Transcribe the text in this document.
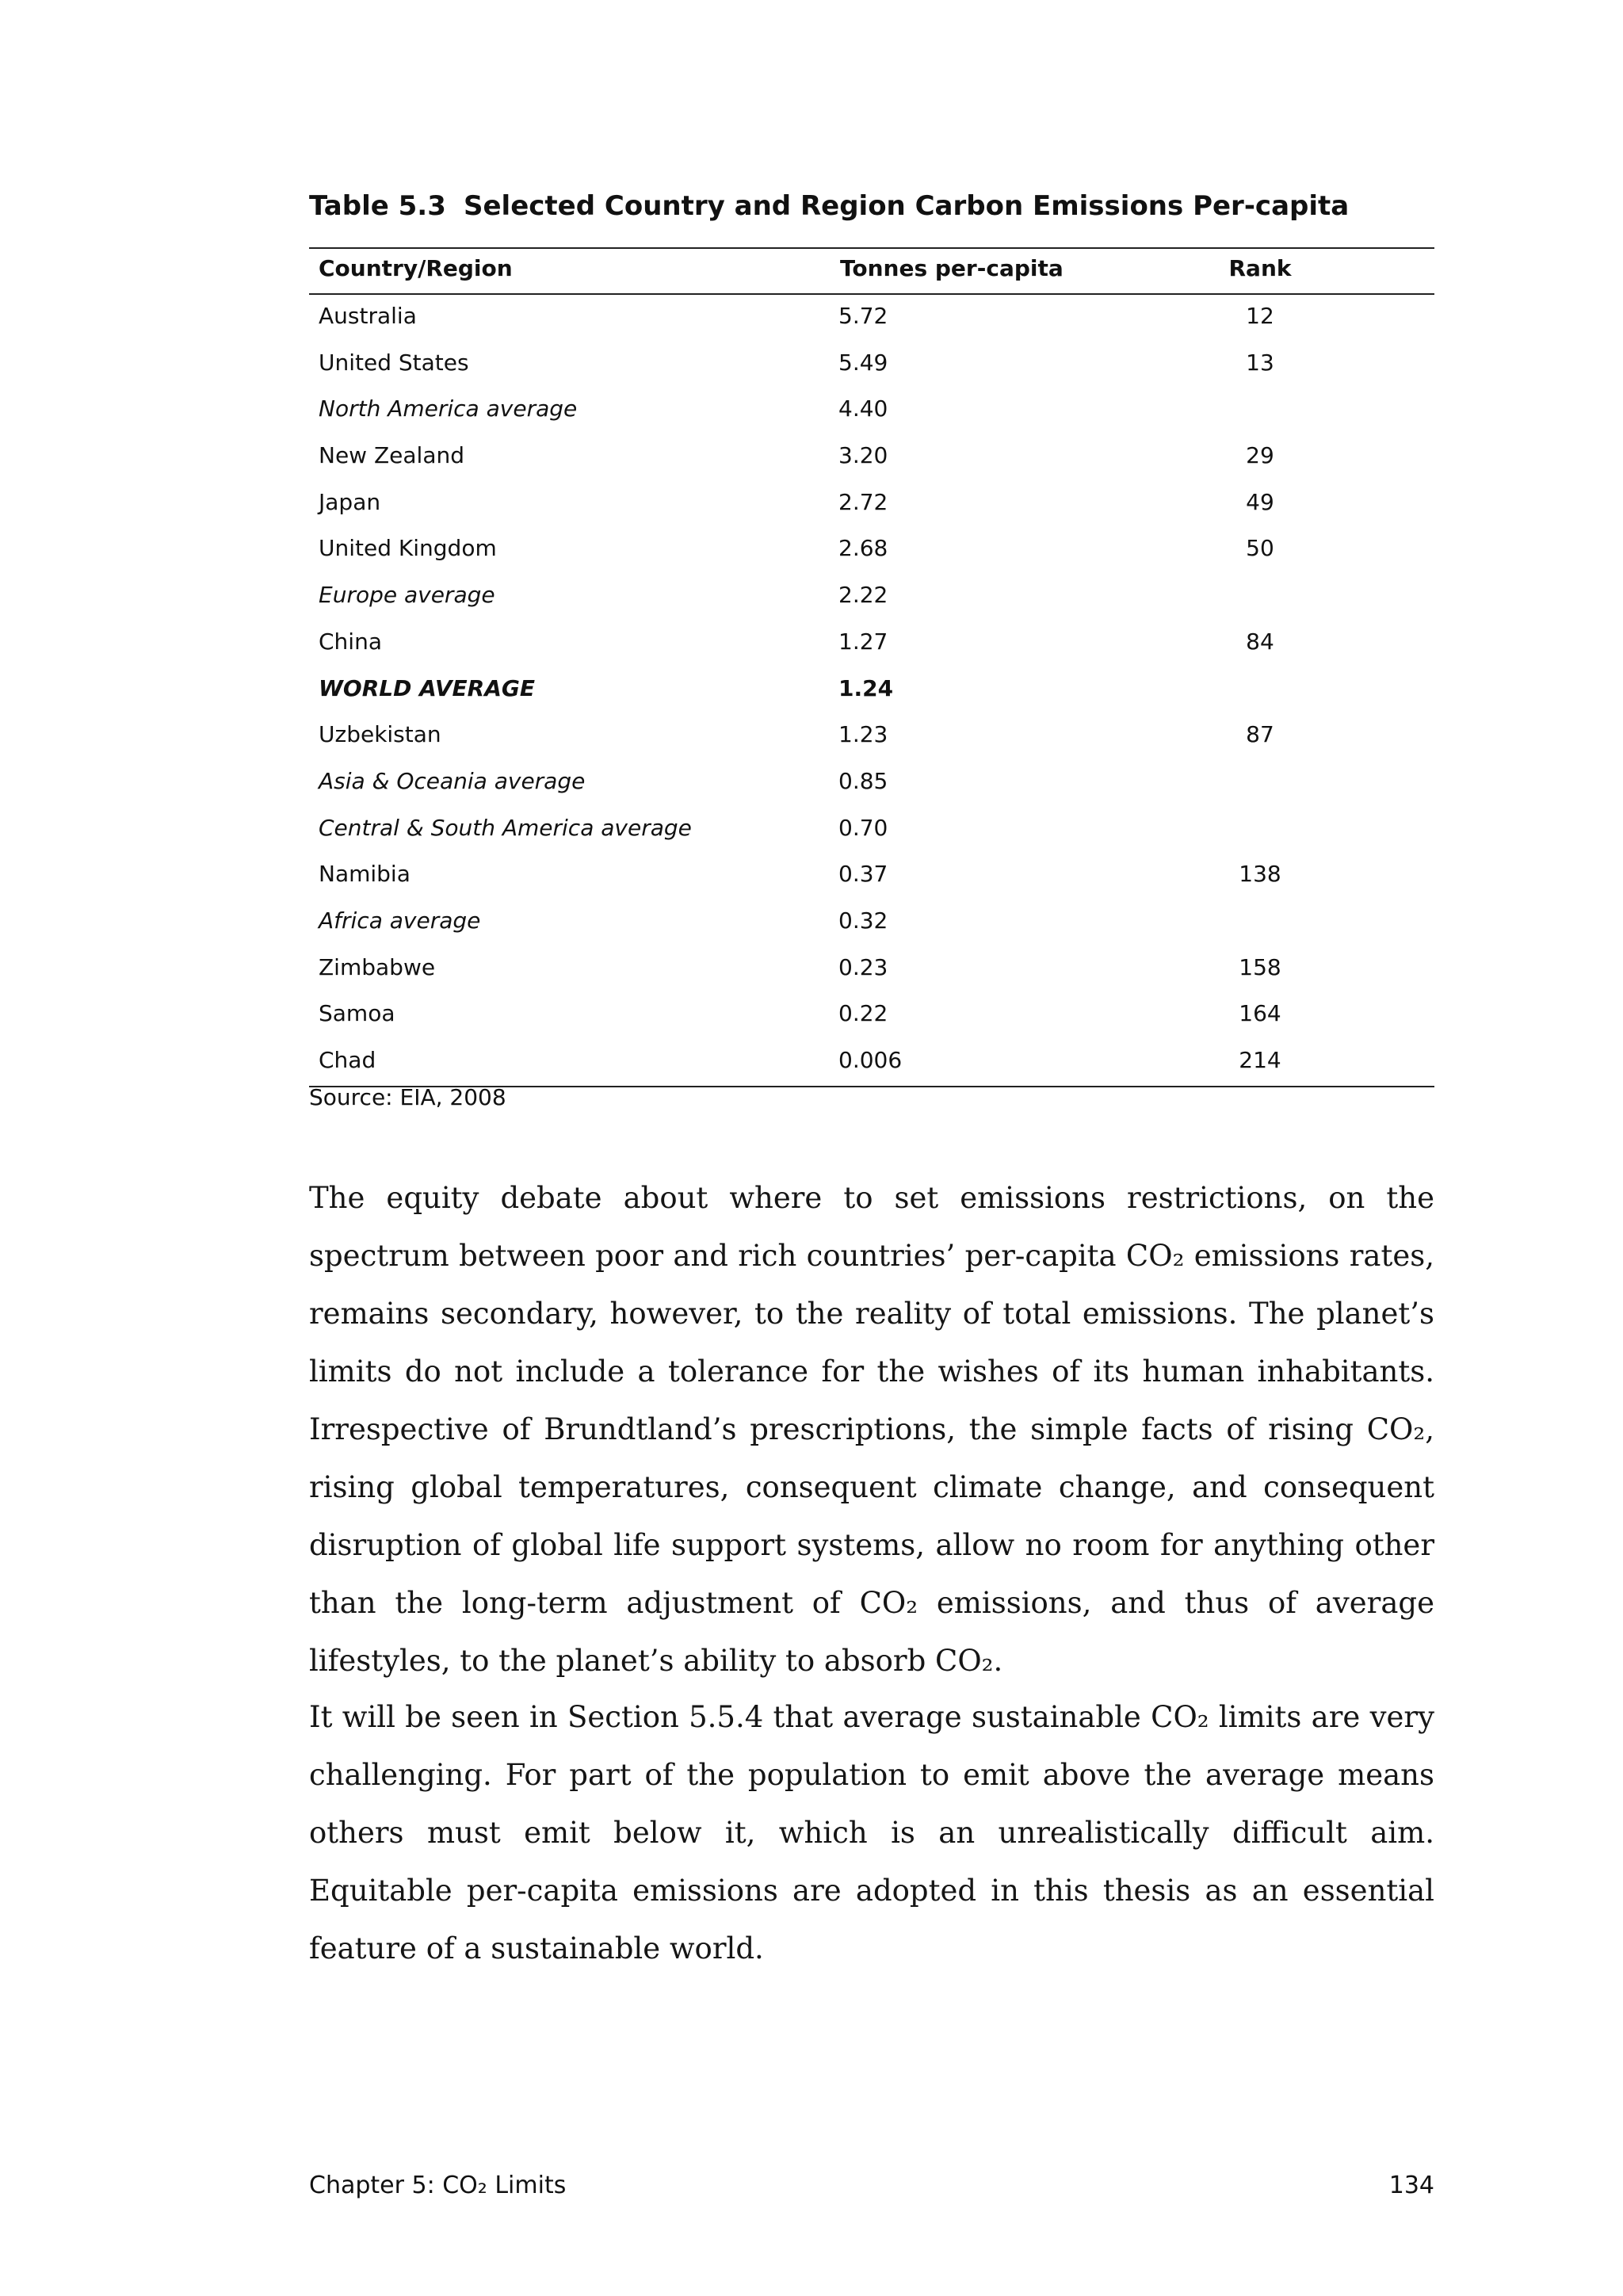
Table 5.3 Selected Country and Region Carbon Emissions Per-capita
Country/Region	Tonnes per-capita	Rank
Australia	5.72	12
United States	5.49	13
North America average	4.40
New Zealand	3.20	29
Japan	2.72	49
United Kingdom	2.68	50
Europe average	2.22
China	1.27	84
WORLD AVERAGE	1.24
Uzbekistan	1.23	87
Asia & Oceania average	0.85
Central & South America average	0.70
Namibia	0.37	138
Africa average	0.32
Zimbabwe	0.23	158
Samoa	0.22	164
Chad	0.006	214
Source: EIA, 2008
The equity debate about where to set emissions restrictions, on the spectrum between poor and rich countries’ per-capita CO₂ emissions rates, remains secondary, however, to the reality of total emissions. The planet’s limits do not include a tolerance for the wishes of its human inhabitants. Irrespective of Brundtland’s prescriptions, the simple facts of rising CO₂, rising global temperatures, consequent climate change, and consequent disruption of global life support systems, allow no room for anything other than the long-term adjustment of CO₂ emissions, and thus of average lifestyles, to the planet’s ability to absorb CO₂.
It will be seen in Section 5.5.4 that average sustainable CO₂ limits are very challenging. For part of the population to emit above the average means others must emit below it, which is an unrealistically difficult aim. Equitable per-capita emissions are adopted in this thesis as an essential feature of a sustainable world.
Chapter 5: CO₂ Limits	134
